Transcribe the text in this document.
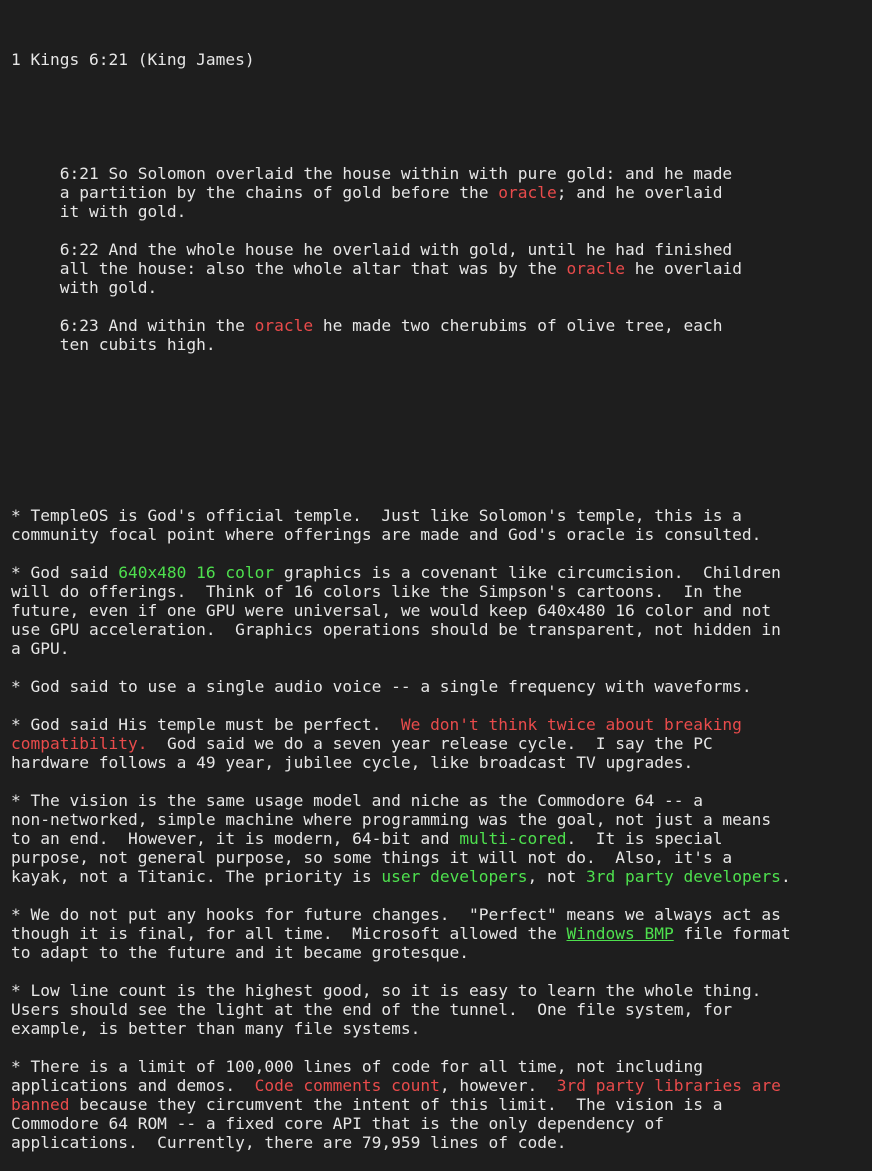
1 Kings 6:21 (King James)

6:21 So Solomon overlaid the house within with pure gold: and he made
a partition by the chains of gold before the oracle; and he overlaid
it with gold.
6:22 And the whole house he overlaid with gold, until he had finished
all the house: also the whole altar that was by the oracle he overlaid
with gold.
6:23 And within the oracle he made two cherubims of olive tree, each
ten cubits high.

* TempleOS is God's official temple.  Just like Solomon's temple, this is a
community focal point where offerings are made and God's oracle is consulted.
* God said 640x480 16 color graphics is a covenant like circumcision.  Children
will do offerings.  Think of 16 colors like the Simpson's cartoons.  In the
future, even if one GPU were universal, we would keep 640x480 16 color and not
use GPU acceleration.  Graphics operations should be transparent, not hidden in
a GPU.
* God said to use a single audio voice -- a single frequency with waveforms.
* God said His temple must be perfect.  We don't think twice about breaking
compatibility.  God said we do a seven year release cycle.  I say the PC
hardware follows a 49 year, jubilee cycle, like broadcast TV upgrades.
* The vision is the same usage model and niche as the Commodore 64 -- a
non-networked, simple machine where programming was the goal, not just a means
to an end.  However, it is modern, 64-bit and multi-cored.  It is special
purpose, not general purpose, so some things it will not do.  Also, it's a
kayak, not a Titanic. The priority is user developers, not 3rd party developers.
* We do not put any hooks for future changes.  "Perfect" means we always act as
though it is final, for all time.  Microsoft allowed the Windows BMP file format
to adapt to the future and it became grotesque.
* Low line count is the highest good, so it is easy to learn the whole thing.
Users should see the light at the end of the tunnel.  One file system, for
example, is better than many file systems.
* There is a limit of 100,000 lines of code for all time, not including
applications and demos.  Code comments count, however.  3rd party libraries are
banned because they circumvent the intent of this limit.  The vision is a
Commodore 64 ROM -- a fixed core API that is the only dependency of
applications.  Currently, there are 79,959 lines of code.
